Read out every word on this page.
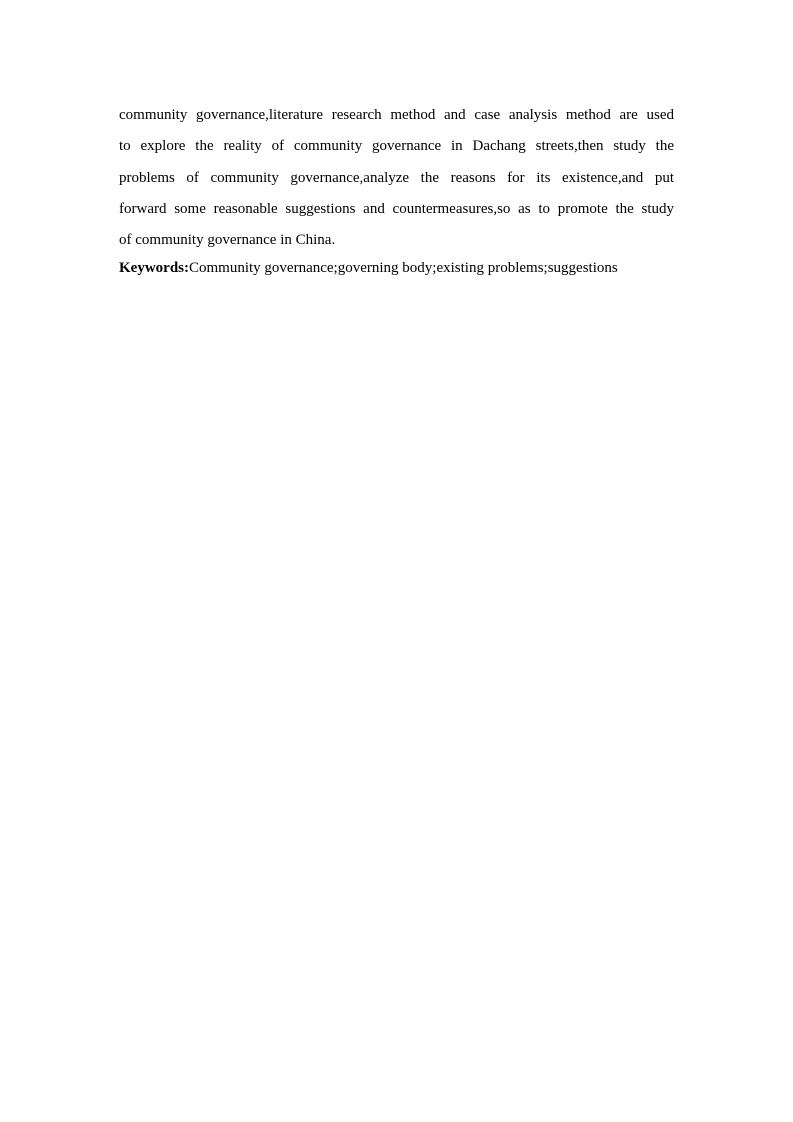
community governance,literature research method and case analysis method are used
to explore the reality of community governance in Dachang streets,then study the
problems of community governance,analyze the reasons for its existence,and put
forward some reasonable suggestions and countermeasures,so as to promote the study
of community governance in China.
Keywords:Community governance;governing body;existing problems;suggestions
